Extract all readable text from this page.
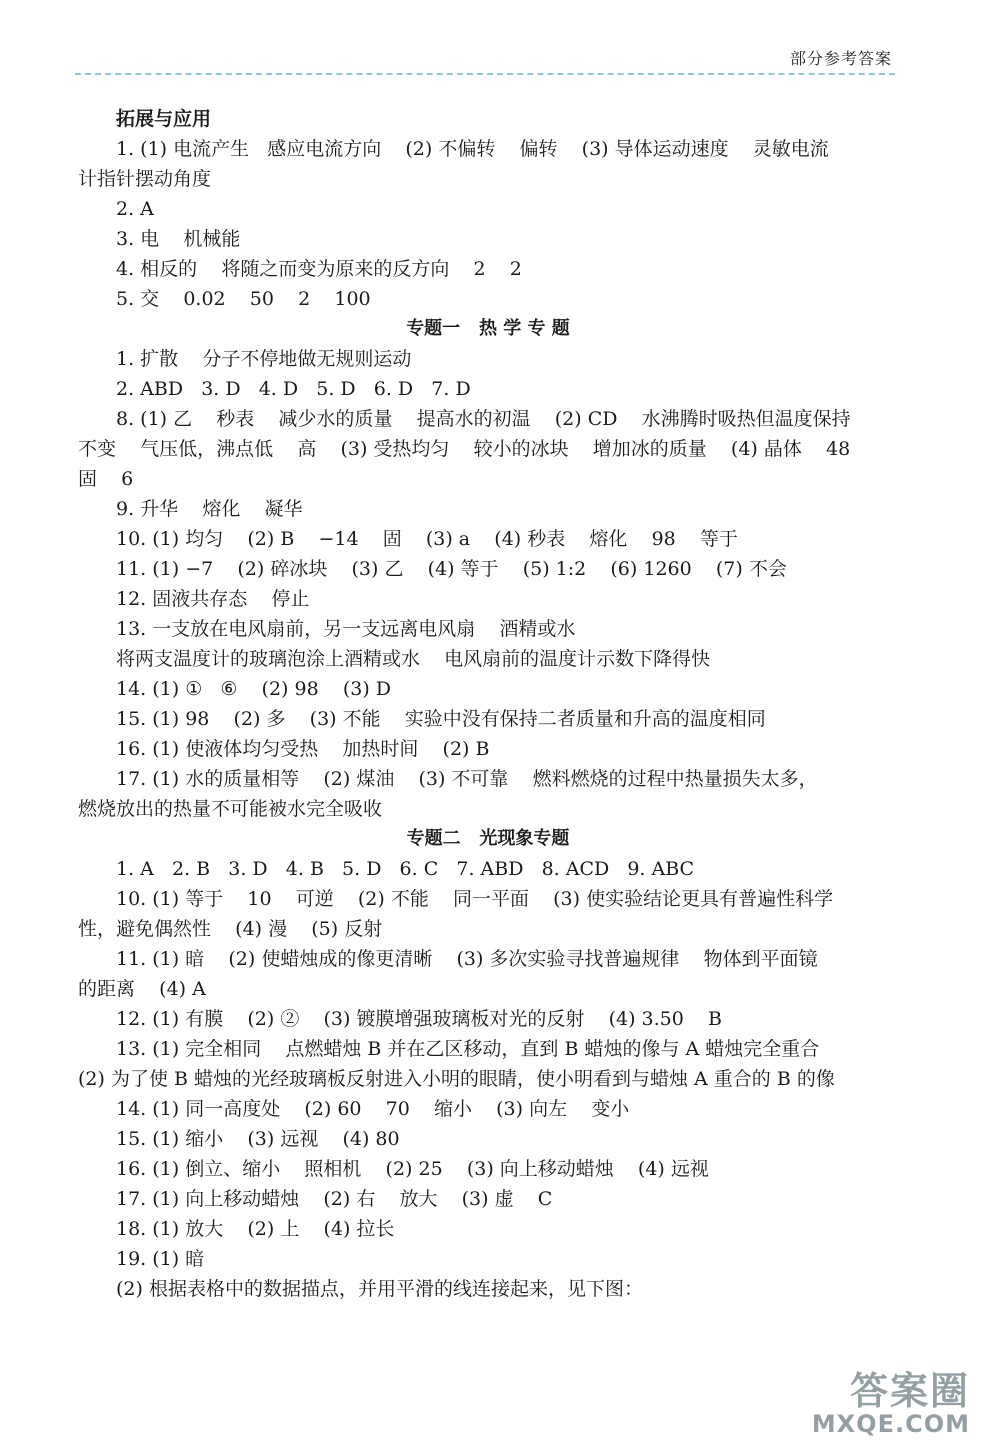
部分参考答案
拓展与应用
1. (1) 电流产生   感应电流方向    (2) 不偏转    偏转    (3) 导体运动速度    灵敏电流
计指针摆动角度
2. A
3. 电    机械能
4. 相反的    将随之而变为原来的反方向    2    2
5. 交    0.02    50    2    100
专题一   热 学 专 题
1. 扩散    分子不停地做无规则运动
2. ABD   3. D   4. D   5. D   6. D   7. D
8. (1) 乙    秒表    减少水的质量    提高水的初温    (2) CD    水沸腾时吸热但温度保持
不变    气压低，沸点低    高    (3) 受热均匀    较小的冰块    增加冰的质量    (4) 晶体    48
固    6
9. 升华    熔化    凝华
10. (1) 均匀    (2) B    −14    固    (3) a    (4) 秒表    熔化    98    等于
11. (1) −7    (2) 碎冰块    (3) 乙    (4) 等于    (5) 1:2    (6) 1260    (7) 不会
12. 固液共存态    停止
13. 一支放在电风扇前，另一支远离电风扇    酒精或水
将两支温度计的玻璃泡涂上酒精或水    电风扇前的温度计示数下降得快
14. (1) ①   ⑥    (2) 98    (3) D
15. (1) 98    (2) 多    (3) 不能    实验中没有保持二者质量和升高的温度相同
16. (1) 使液体均匀受热    加热时间    (2) B
17. (1) 水的质量相等    (2) 煤油    (3) 不可靠    燃料燃烧的过程中热量损失太多，
燃烧放出的热量不可能被水完全吸收
专题二   光现象专题
1. A   2. B   3. D   4. B   5. D   6. C   7. ABD   8. ACD   9. ABC
10. (1) 等于    10    可逆    (2) 不能    同一平面    (3) 使实验结论更具有普遍性科学
性，避免偶然性    (4) 漫    (5) 反射
11. (1) 暗    (2) 使蜡烛成的像更清晰    (3) 多次实验寻找普遍规律    物体到平面镜
的距离    (4) A
12. (1) 有膜    (2) ②    (3) 镀膜增强玻璃板对光的反射    (4) 3.50    B
13. (1) 完全相同    点燃蜡烛 B 并在乙区移动，直到 B 蜡烛的像与 A 蜡烛完全重合
(2) 为了使 B 蜡烛的光经玻璃板反射进入小明的眼睛，使小明看到与蜡烛 A 重合的 B 的像
14. (1) 同一高度处    (2) 60    70    缩小    (3) 向左    变小
15. (1) 缩小    (3) 远视    (4) 80
16. (1) 倒立、缩小    照相机    (2) 25    (3) 向上移动蜡烛    (4) 远视
17. (1) 向上移动蜡烛    (2) 右    放大    (3) 虚    C
18. (1) 放大    (2) 上    (4) 拉长
19. (1) 暗
(2) 根据表格中的数据描点，并用平滑的线连接起来，见下图：
答案圈
MXQE.COM
